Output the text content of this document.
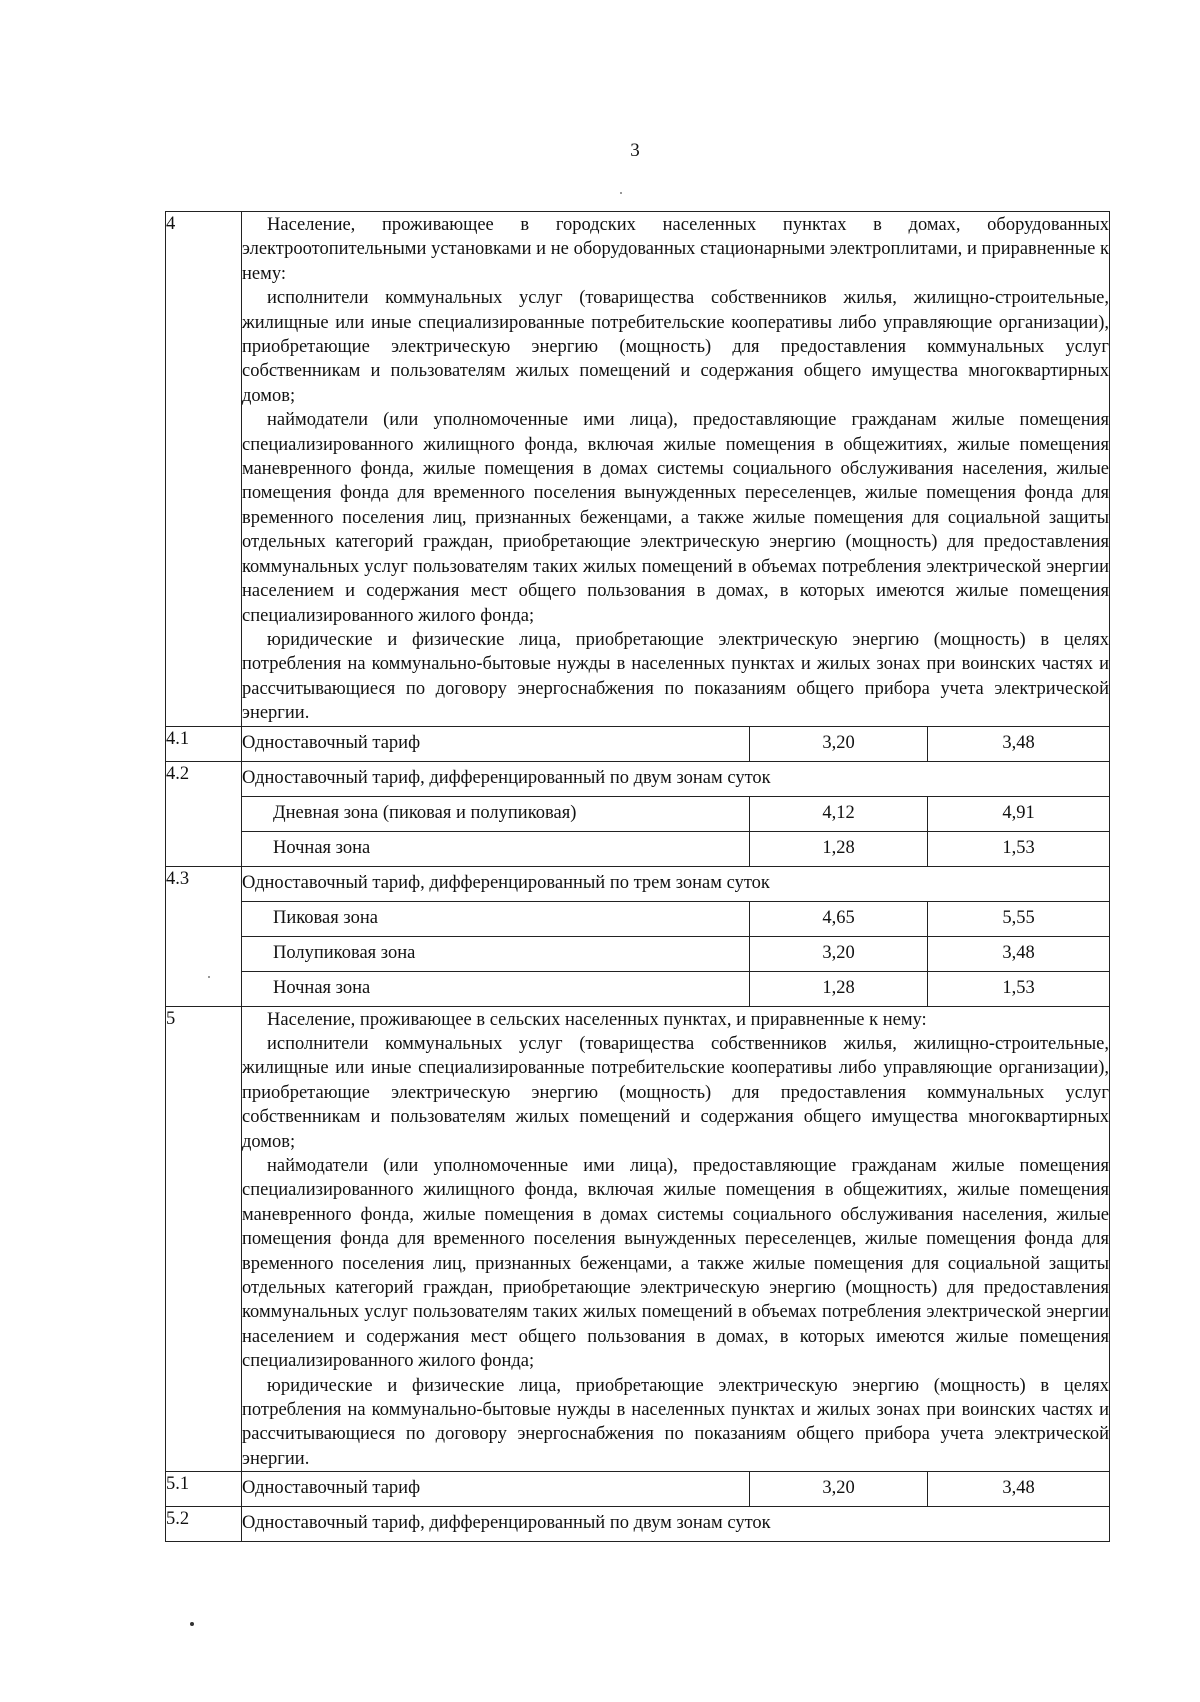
3
4	Население, проживающее в городских населенных пунктах в домах, оборудованных электроотопительными установками и не оборудованных стационарными электроплитами, и приравненные к нему:

исполнители коммунальных услуг (товарищества собственников жилья, жилищно-строительные, жилищные или иные специализированные потребительские кооперативы либо управляющие организации), приобретающие электрическую энергию (мощность) для предоставления коммунальных услуг собственникам и пользователям жилых помещений и содержания общего имущества многоквартирных домов;

наймодатели (или уполномоченные ими лица), предоставляющие гражданам жилые помещения специализированного жилищного фонда, включая жилые помещения в общежитиях, жилые помещения маневренного фонда, жилые помещения в домах системы социального обслуживания населения, жилые помещения фонда для временного поселения вынужденных переселенцев, жилые помещения фонда для временного поселения лиц, признанных беженцами, а также жилые помещения для социальной защиты отдельных категорий граждан, приобретающие электрическую энергию (мощность) для предоставления коммунальных услуг пользователям таких жилых помещений в объемах потребления электрической энергии населением и содержания мест общего пользования в домах, в которых имеются жилые помещения специализированного жилого фонда;

юридические и физические лица, приобретающие электрическую энергию (мощность) в целях потребления на коммунально-бытовые нужды в населенных пунктах и жилых зонах при воинских частях и рассчитывающиеся по договору энергоснабжения по показаниям общего прибора учета электрической энергии.		

4.1	Одноставочный тариф	3,20	3,48
4.2	Одноставочный тариф, дифференцированный по двум зонам суток		
	Дневная зона (пиковая и полупиковая)	4,12	4,91
	Ночная зона	1,28	1,53
4.3	Одноставочный тариф, дифференцированный по трем зонам суток		
	Пиковая зона	4,65	5,55
	Полупиковая зона	3,20	3,48
	Ночная зона	1,28	1,53
5	Население, проживающее в сельских населенных пунктах, и приравненные к нему:

исполнители коммунальных услуг (товарищества собственников жилья, жилищно-строительные, жилищные или иные специализированные потребительские кооперативы либо управляющие организации), приобретающие электрическую энергию (мощность) для предоставления коммунальных услуг собственникам и пользователям жилых помещений и содержания общего имущества многоквартирных домов;

наймодатели (или уполномоченные ими лица), предоставляющие гражданам жилые помещения специализированного жилищного фонда, включая жилые помещения в общежитиях, жилые помещения маневренного фонда, жилые помещения в домах системы социального обслуживания населения, жилые помещения фонда для временного поселения вынужденных переселенцев, жилые помещения фонда для временного поселения лиц, признанных беженцами, а также жилые помещения для социальной защиты отдельных категорий граждан, приобретающие электрическую энергию (мощность) для предоставления коммунальных услуг пользователям таких жилых помещений в объемах потребления электрической энергии населением и содержания мест общего пользования в домах, в которых имеются жилые помещения специализированного жилого фонда;

юридические и физические лица, приобретающие электрическую энергию (мощность) в целях потребления на коммунально-бытовые нужды в населенных пунктах и жилых зонах при воинских частях и рассчитывающиеся по договору энергоснабжения по показаниям общего прибора учета электрической энергии.		

5.1	Одноставочный тариф	3,20	3,48
5.2	Одноставочный тариф, дифференцированный по двум зонам суток		
